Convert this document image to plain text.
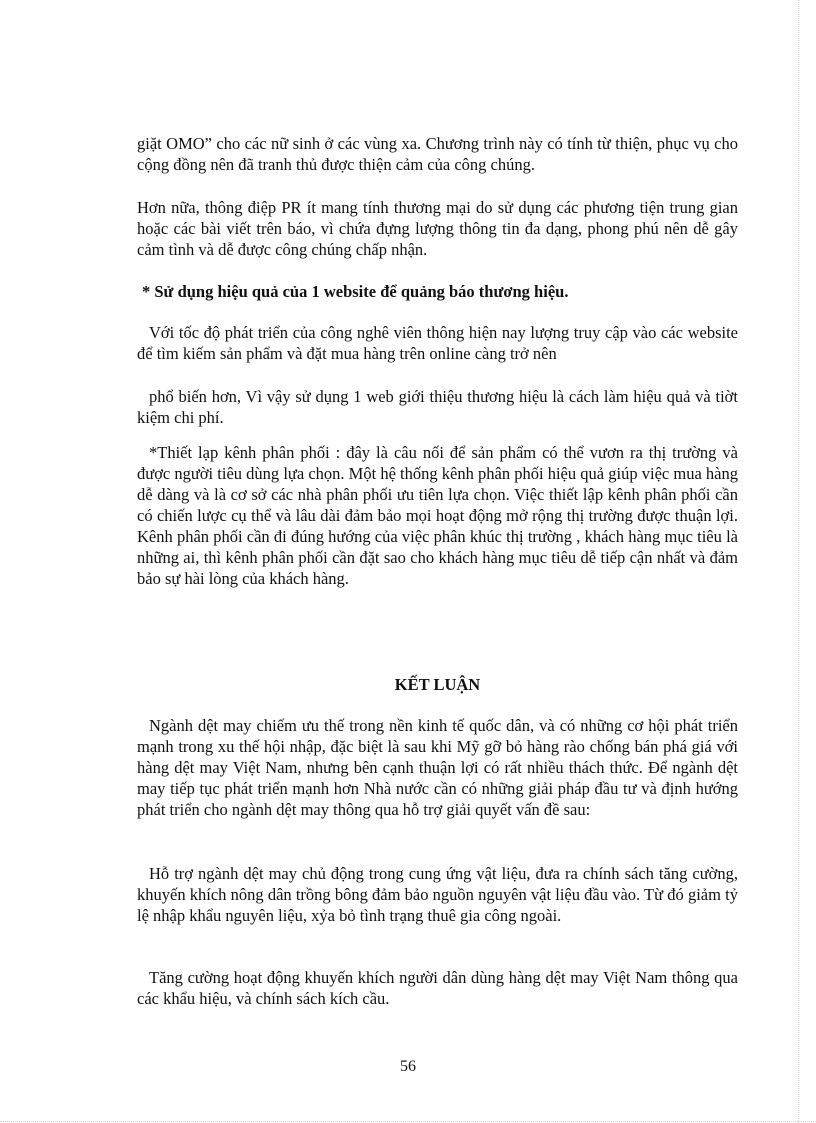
giặt OMO” cho các nữ sinh ở các vùng xa. Chương trình này có tính từ thiện, phục vụ cho cộng đồng nên đã tranh thủ được thiện cảm của công chúng.

Hơn nữa, thông điệp PR ít mang tính thương mại do sử dụng các phương tiện trung gian hoặc các bài viết trên báo, vì chứa đựng lượng thông tin đa dạng, phong phú nên dễ gây cảm tình và dễ được công chúng chấp nhận.

* Sử dụng hiệu quả của 1 website để quảng báo thương hiệu.

Với tốc độ phát triển của công nghê viên thông hiện nay lượng truy cập vào các website để tìm kiếm sản phẩm và đặt mua hàng trên online càng trở nên

phổ biến hơn, Vì vậy sử dụng 1 web giới thiệu thương hiệu là cách làm hiệu quả và tiờt kiệm chi phí.

*Thiết lạp kênh phân phối : đây là câu nối để sản phẩm có thể vươn ra thị trường và được người tiêu dùng lựa chọn. Một hệ thống kênh phân phối hiệu quả giúp việc mua hàng dễ dàng và là cơ sở các nhà phân phối ưu tiên lựa chọn. Việc thiết lập kênh phân phối cần có chiến lược cụ thể và lâu dài đảm bảo mọi hoạt động mở rộng thị trường được thuận lợi. Kênh phân phối cần đi đúng hướng của việc phân khúc thị trường , khách hàng mục tiêu là những ai, thì kênh phân phối cần đặt sao cho khách hàng mục tiêu dễ tiếp cận nhất và đảm bảo sự hài lòng của khách hàng.

KẾT LUẬN

Ngành dệt may chiếm ưu thế trong nền kinh tế quốc dân, và có những cơ hội phát triển mạnh trong xu thế hội nhập, đặc biệt là sau khi Mỹ gỡ bỏ hàng rào chống bán phá giá với hàng dệt may Việt Nam, nhưng bên cạnh thuận lợi có rất nhiều thách thức. Để ngành dệt may tiếp tục phát triển mạnh hơn Nhà nước cần có những giải pháp đầu tư và định hướng phát triển cho ngành dệt may thông qua hỗ trợ giải quyết vấn đề sau:

Hỗ trợ ngành dệt may chủ động trong cung ứng vật liệu, đưa ra chính sách tăng cường, khuyến khích nông dân trồng bông đảm bảo nguồn nguyên vật liệu đầu vào. Từ đó giảm tỷ lệ nhập khẩu nguyên liệu, xỷa bỏ tình trạng thuê gia công ngoài.

Tăng cường hoạt động khuyến khích người dân dùng hàng dệt may Việt Nam thông qua các khẩu hiệu, và chính sách kích cầu.

56
